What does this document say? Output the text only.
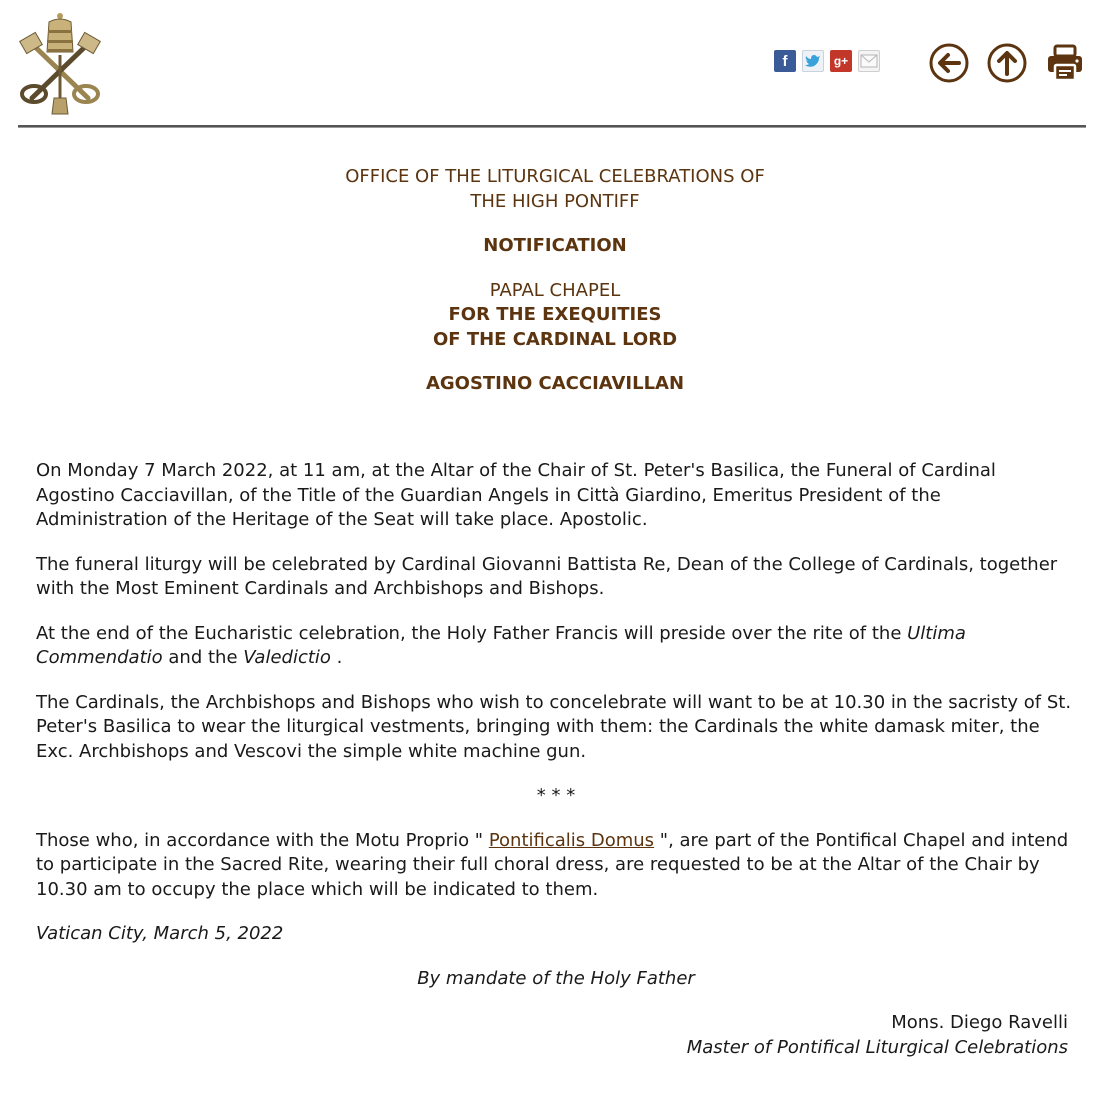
f	g+

OFFICE OF THE LITURGICAL CELEBRATIONS OF

THE HIGH PONTIFF

NOTIFICATION

PAPAL CHAPEL

FOR THE EXEQUITIES

OF THE CARDINAL LORD

AGOSTINO CACCIAVILLAN

On Monday 7 March 2022, at 11 am, at the Altar of the Chair of St. Peter's Basilica, the Funeral of Cardinal Agostino Cacciavillan, of the Title of the Guardian Angels in Città Giardino, Emeritus President of the Administration of the Heritage of the Seat will take place. Apostolic.

The funeral liturgy will be celebrated by Cardinal Giovanni Battista Re, Dean of the College of Cardinals, together with the Most Eminent Cardinals and Archbishops and Bishops.

At the end of the Eucharistic celebration, the Holy Father Francis will preside over the rite of the Ultima Commendatio and the Valedictio .

The Cardinals, the Archbishops and Bishops who wish to concelebrate will want to be at 10.30 in the sacristy of St. Peter's Basilica to wear the liturgical vestments, bringing with them: the Cardinals the white damask miter, the Exc. Archbishops and Vescovi the simple white machine gun.

* * *

Those who, in accordance with the Motu Proprio " Pontificalis Domus ", are part of the Pontifical Chapel and intend to participate in the Sacred Rite, wearing their full choral dress, are requested to be at the Altar of the Chair by 10.30 am to occupy the place which will be indicated to them.

Vatican City, March 5, 2022

By mandate of the Holy Father

Mons. Diego Ravelli

Master of Pontifical Liturgical Celebrations
